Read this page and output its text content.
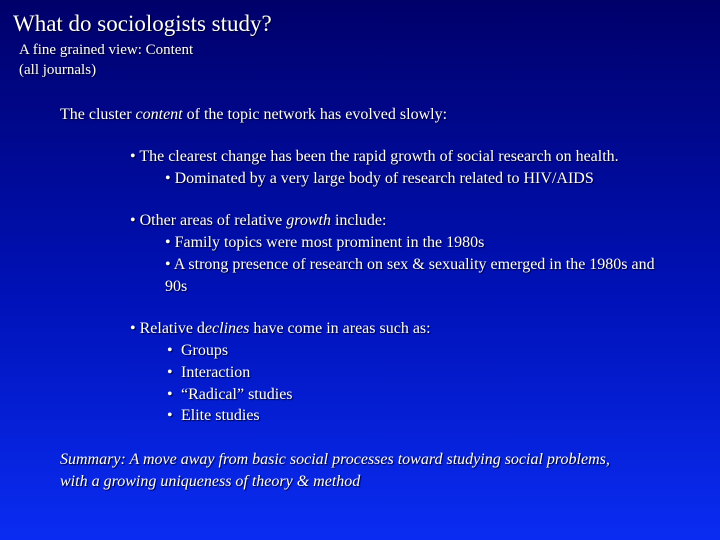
What do sociologists study?
A fine grained view: Content
(all journals)
The cluster content of the topic network has evolved slowly:
• The clearest change has been the rapid growth of social research on health.
• Dominated by a very large body of research related to HIV/AIDS
• Other areas of relative growth include:
• Family topics were most prominent in the 1980s
• A strong presence of research on sex & sexuality emerged in the 1980s and
90s
• Relative declines have come in areas such as:
• Groups
• Interaction
• “Radical” studies
• Elite studies
Summary: A move away from basic social processes toward studying social problems,
with a growing uniqueness of theory & method
